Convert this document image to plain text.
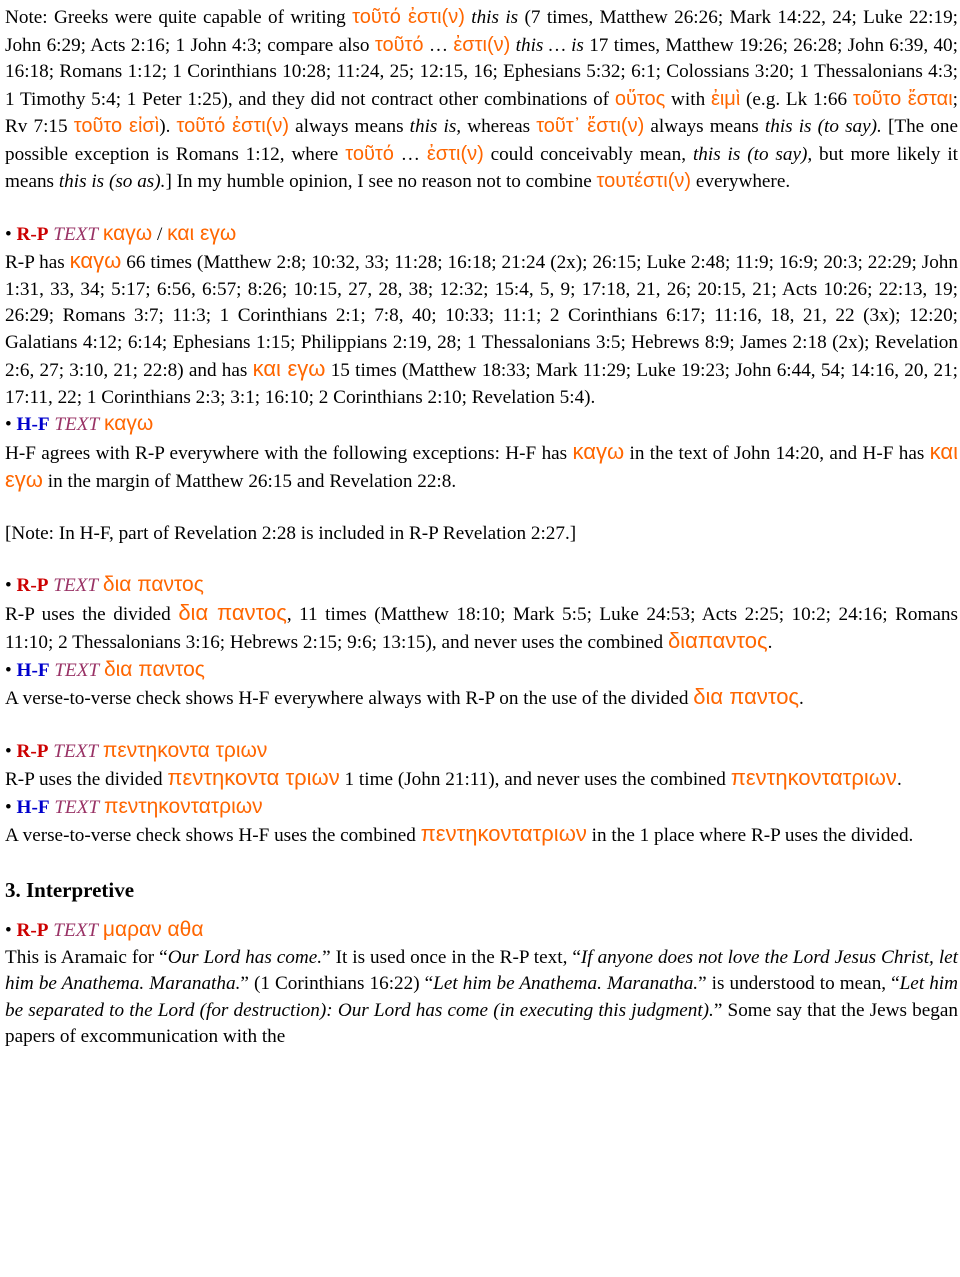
Note: Greeks were quite capable of writing τοῦτό ἐστι(ν) this is (7 times, Matthew 26:26; Mark 14:22, 24; Luke 22:19; John 6:29; Acts 2:16; 1 John 4:3; compare also τοῦτό … ἐστι(ν) this … is 17 times, Matthew 19:26; 26:28; John 6:39, 40; 16:18; Romans 1:12; 1 Corinthians 10:28; 11:24, 25; 12:15, 16; Ephesians 5:32; 6:1; Colossians 3:20; 1 Thessalonians 4:3; 1 Timothy 5:4; 1 Peter 1:25), and they did not contract other combinations of οὕτος with ἐιμὶ (e.g. Lk 1:66 τοῦτο ἔσται; Rv 7:15 τοῦτο εἰσὶ). τοῦτό ἐστι(ν) always means this is, whereas τοῦτ᾽ ἔστι(ν) always means this is (to say). [The one possible exception is Romans 1:12, where τοῦτό … ἐστι(ν) could conceivably mean, this is (to say), but more likely it means this is (so as).] In my humble opinion, I see no reason not to combine τουτέστι(ν) everywhere.

• R-P TEXT καγω / και εγω

R-P has καγω 66 times (Matthew 2:8; 10:32, 33; 11:28; 16:18; 21:24 (2x); 26:15; Luke 2:48; 11:9; 16:9; 20:3; 22:29; John 1:31, 33, 34; 5:17; 6:56, 6:57; 8:26; 10:15, 27, 28, 38; 12:32; 15:4, 5, 9; 17:18, 21, 26; 20:15, 21; Acts 10:26; 22:13, 19; 26:29; Romans 3:7; 11:3; 1 Corinthians 2:1; 7:8, 40; 10:33; 11:1; 2 Corinthians 6:17; 11:16, 18, 21, 22 (3x); 12:20; Galatians 4:12; 6:14; Ephesians 1:15; Philippians 2:19, 28; 1 Thessalonians 3:5; Hebrews 8:9; James 2:18 (2x); Revelation 2:6, 27; 3:10, 21; 22:8) and has και εγω 15 times (Matthew 18:33; Mark 11:29; Luke 19:23; John 6:44, 54; 14:16, 20, 21; 17:11, 22; 1 Corinthians 2:3; 3:1; 16:10; 2 Corinthians 2:10; Revelation 5:4).

• H-F TEXT καγω

H-F agrees with R-P everywhere with the following exceptions: H-F has καγω in the text of John 14:20, and H-F has και εγω in the margin of Matthew 26:15 and Revelation 22:8.

[Note: In H-F, part of Revelation 2:28 is included in R-P Revelation 2:27.]

• R-P TEXT δια παντος

R-P uses the divided δια παντος, 11 times (Matthew 18:10; Mark 5:5; Luke 24:53; Acts 2:25; 10:2; 24:16; Romans 11:10; 2 Thessalonians 3:16; Hebrews 2:15; 9:6; 13:15), and never uses the combined διαπαντος.

• H-F TEXT δια παντος

A verse-to-verse check shows H-F everywhere always with R-P on the use of the divided δια παντος.

• R-P TEXT πεντηκοντα τριων

R-P uses the divided πεντηκοντα τριων 1 time (John 21:11), and never uses the combined πεντηκοντατριων.

• H-F TEXT πεντηκοντατριων

A verse-to-verse check shows H-F uses the combined πεντηκοντατριων in the 1 place where R-P uses the divided.

3. Interpretive

• R-P TEXT μαραν αθα

This is Aramaic for “Our Lord has come.” It is used once in the R-P text, “If anyone does not love the Lord Jesus Christ, let him be Anathema. Maranatha.” (1 Corinthians 16:22) “Let him be Anathema. Maranatha.” is understood to mean, “Let him be separated to the Lord (for destruction): Our Lord has come (in executing this judgment).” Some say that the Jews began papers of excommunication with the
